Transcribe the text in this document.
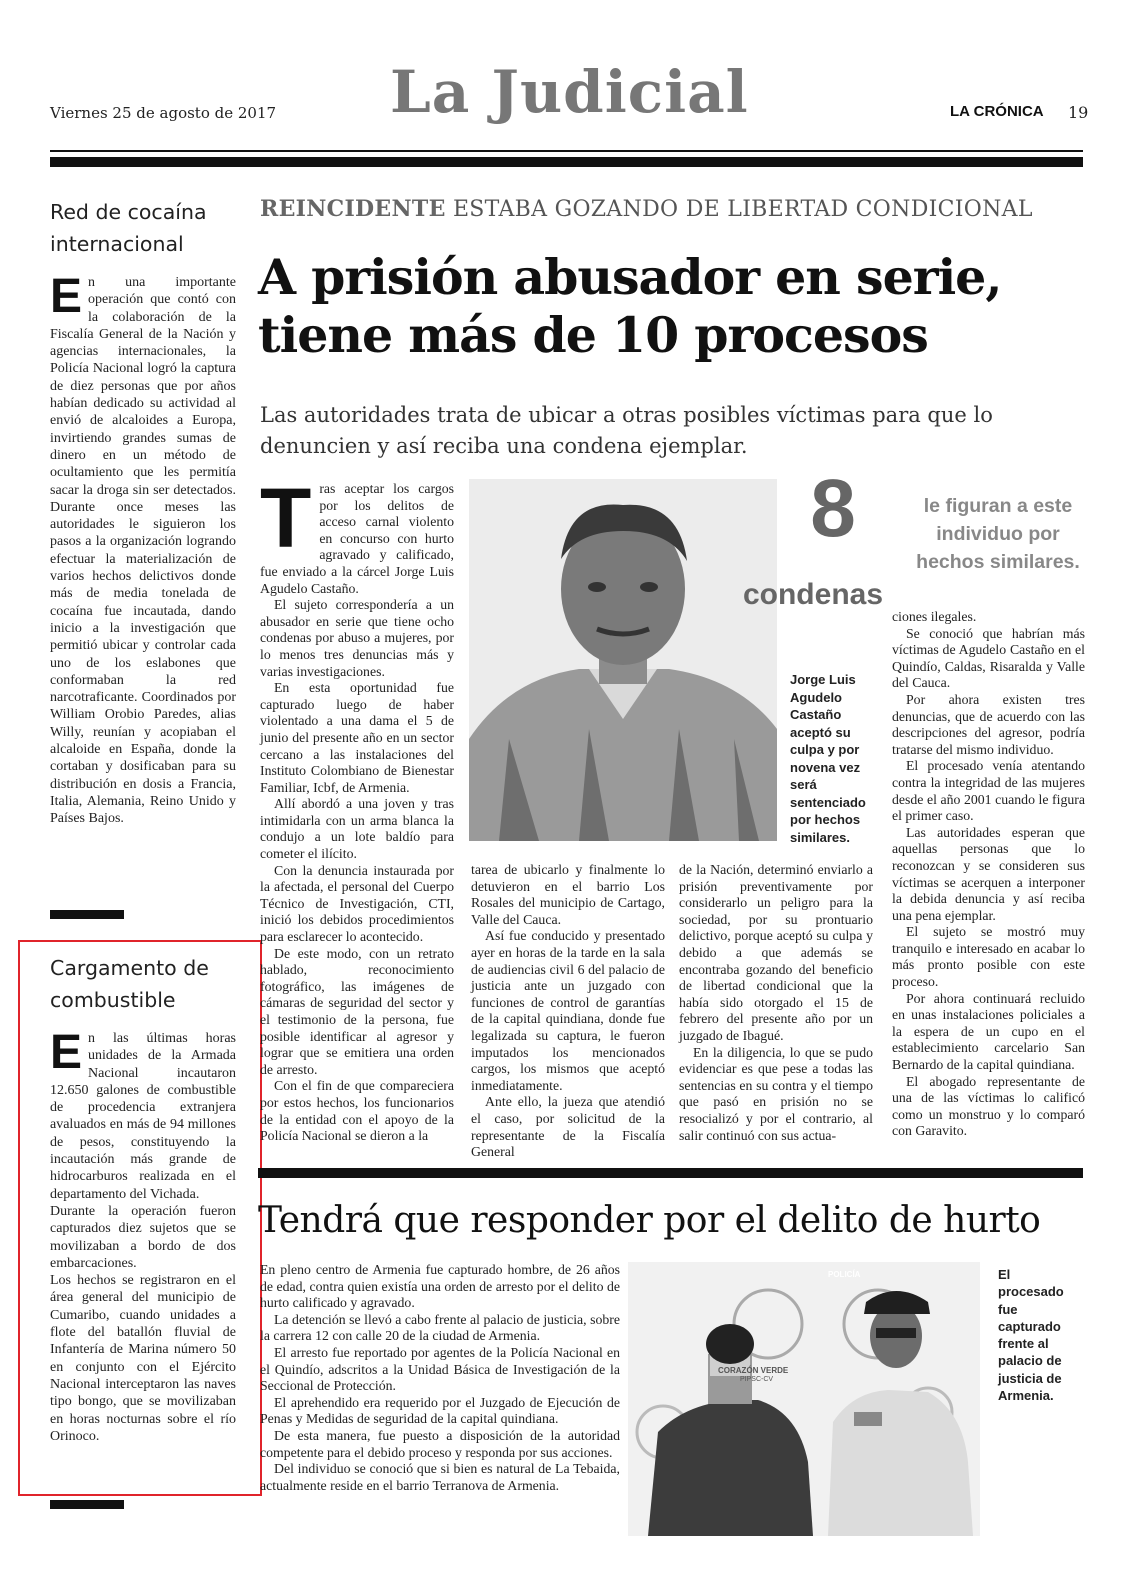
Viernes 25 de agosto de 2017 La Judicial	LA CRÓNICA 19
Red de cocaína
internacional
E n una importante operación que contó con la colaboración de la Fiscalía General de la Nación y agencias internacionales, la Policía Nacional logró la captura de diez personas que por años habían dedicado su actividad al envió de alcaloides a Europa, invirtiendo grandes sumas de dinero en un método de ocultamiento que les permitía sacar la droga sin ser detectados. Durante once meses las autoridades le siguieron los pasos a la organización logrando efectuar la materialización de varios hechos delictivos donde más de media tonelada de cocaína fue incautada, dando inicio a la investigación que permitió ubicar y controlar cada uno de los eslabones que conformaban la red narcotraficante. Coordinados por William Orobio Paredes, alias Willy, reunían y acopiaban el alcaloide en España, donde la cortaban y dosificaban para su distribución en dosis a Francia, Italia, Alemania, Reino Unido y Países Bajos.
Cargamento de
combustible
E n las últimas horas unidades de la Armada Nacional incautaron 12.650 galones de combustible de procedencia extranjera avaluados en más de 94 millones de pesos, constituyendo la incautación más grande de hidrocarburos realizada en el departamento del Vichada.
Durante la operación fueron capturados diez sujetos que se movilizaban a bordo de dos embarcaciones.
Los hechos se registraron en el área general del municipio de Cumaribo, cuando unidades a flote del batallón fluvial de Infantería de Marina número 50 en conjunto con el Ejército Nacional interceptaron las naves tipo bongo, que se movilizaban en horas nocturnas sobre el río Orinoco.
REINCIDENTE ESTABA GOZANDO DE LIBERTAD CONDICIONAL
A prisión abusador en serie,
tiene más de 10 procesos
Las autoridades trata de ubicar a otras posibles víctimas para que lo denuncien y así reciba una condena ejemplar.

Tras aceptar los cargos por los delitos de acceso carnal violento en concurso con hurto agravado y calificado, fue enviado a la cárcel Jorge Luis Agudelo Castaño.

El sujeto correspondería a un abusador en serie que tiene ocho condenas por abuso a mujeres, por lo menos tres denuncias más y varias investigaciones.

En esta oportunidad fue capturado luego de haber violentado a una dama el 5 de junio del presente año en un sector cercano a las instalaciones del Instituto Colombiano de Bienestar Familiar, Icbf, de Armenia.

Allí abordó a una joven y tras intimidarla con un arma blanca la condujo a un lote baldío para cometer el ilícito.

Con la denuncia instaurada por la afectada, el personal del Cuerpo Técnico de Investigación, CTI, inició los debidos procedimientos para esclarecer lo acontecido.

De este modo, con un retrato hablado, reconocimiento fotográfico, las imágenes de cámaras de seguridad del sector y el testimonio de la persona, fue posible identificar al agresor y lograr que se emitiera una orden de arresto.

Con el fin de que compareciera por estos hechos, los funcionarios de la entidad con el apoyo de la Policía Nacional se dieron a la

Jorge Luis Agudelo Castaño aceptó su culpa y por novena vez será sentenciado por hechos similares.
8
condenas
le figuran a este individuo por hechos similares.

tarea de ubicarlo y finalmente lo detuvieron en el barrio Los Rosales del municipio de Cartago, Valle del Cauca.

Así fue conducido y presentado ayer en horas de la tarde en la sala de audiencias civil 6 del palacio de justicia ante un juzgado con funciones de control de garantías de la capital quindiana, donde fue legalizada su captura, le fueron imputados los mencionados cargos, los mismos que aceptó inmediatamente.

Ante ello, la jueza que atendió el caso, por solicitud de la representante de la Fiscalía General

de la Nación, determinó enviarlo a prisión preventivamente por considerarlo un peligro para la sociedad, por su prontuario delictivo, porque aceptó su culpa y debido a que además se encontraba gozando del beneficio de libertad condicional que la había sido otorgado el 15 de febrero del presente año por un juzgado de Ibagué.

En la diligencia, lo que se pudo evidenciar es que pese a todas las sentencias en su contra y el tiempo que pasó en prisión no se resocializó y por el contrario, al salir continuó con sus actua-

ciones ilegales.

Se conoció que habrían más víctimas de Agudelo Castaño en el Quindío, Caldas, Risaralda y Valle del Cauca.

Por ahora existen tres denuncias, que de acuerdo con las descripciones del agresor, podría tratarse del mismo individuo.

El procesado venía atentando contra la integridad de las mujeres desde el año 2001 cuando le figura el primer caso.

Las autoridades esperan que aquellas personas que lo reconozcan y se consideren sus víctimas se acerquen a interponer la debida denuncia y así reciba una pena ejemplar.

El sujeto se mostró muy tranquilo e interesado en acabar lo más pronto posible con este proceso.

Por ahora continuará recluido en unas instalaciones policiales a la espera de un cupo en el establecimiento carcelario San Bernardo de la capital quindiana.

El abogado representante de una de las víctimas lo calificó como un monstruo y lo comparó con Garavito.

Tendrá que responder por el delito de hurto

En pleno centro de Armenia fue capturado hombre, de 26 años de edad, contra quien existía una orden de arresto por el delito de hurto calificado y agravado.

La detención se llevó a cabo frente al palacio de justicia, sobre la carrera 12 con calle 20 de la ciudad de Armenia.

El arresto fue reportado por agentes de la Policía Nacional en el Quindío, adscritos a la Unidad Básica de Investigación de la Seccional de Protección.

El aprehendido era requerido por el Juzgado de Ejecución de Penas y Medidas de seguridad de la capital quindiana.

De esta manera, fue puesto a disposición de la autoridad competente para el debido proceso y responda por sus acciones.

Del individuo se conoció que si bien es natural de La Tebaida, actualmente reside en el barrio Terranova de Armenia.

POLICÍA
CORAZÓN VERDE
PIPSC-CV
El procesado fue capturado frente al palacio de justicia de Armenia.
